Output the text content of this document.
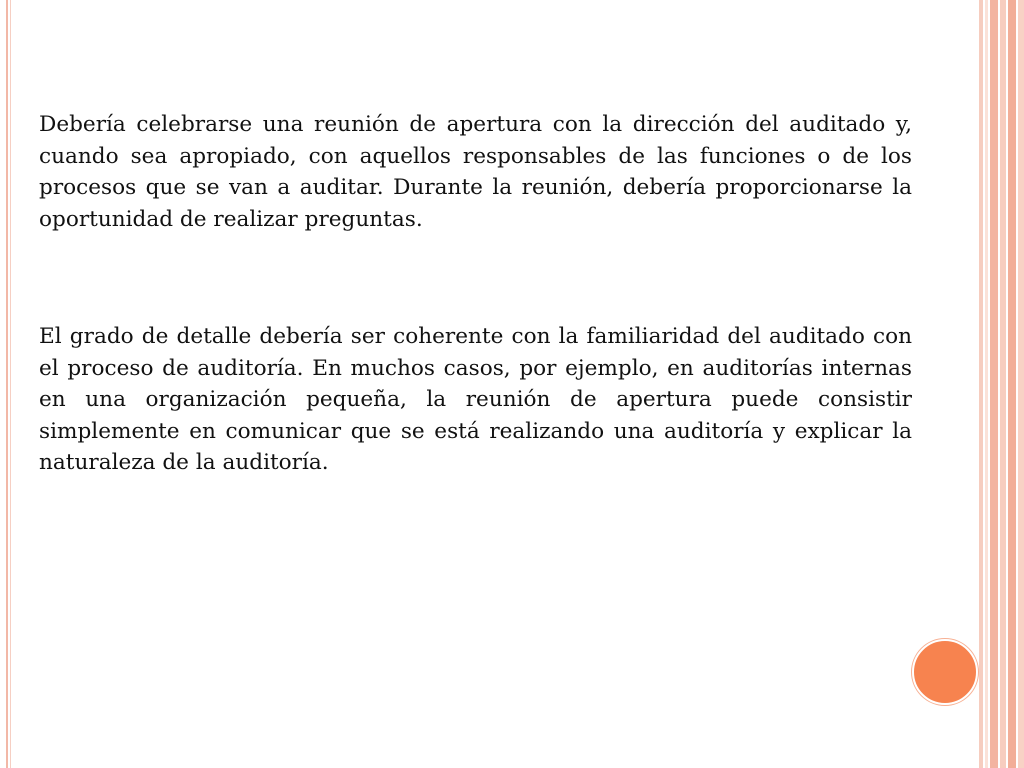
Debería celebrarse una reunión de apertura con la dirección del auditado y, cuando sea apropiado, con aquellos responsables de las funciones o de los procesos que se van a auditar. Durante la reunión, debería proporcionarse la oportunidad de realizar preguntas.

El grado de detalle debería ser coherente con la familiaridad del auditado con el proceso de auditoría. En muchos casos, por ejemplo, en auditorías internas en una organización pequeña, la reunión de apertura puede consistir simplemente en comunicar que se está realizando una auditoría y explicar la naturaleza de la auditoría.
